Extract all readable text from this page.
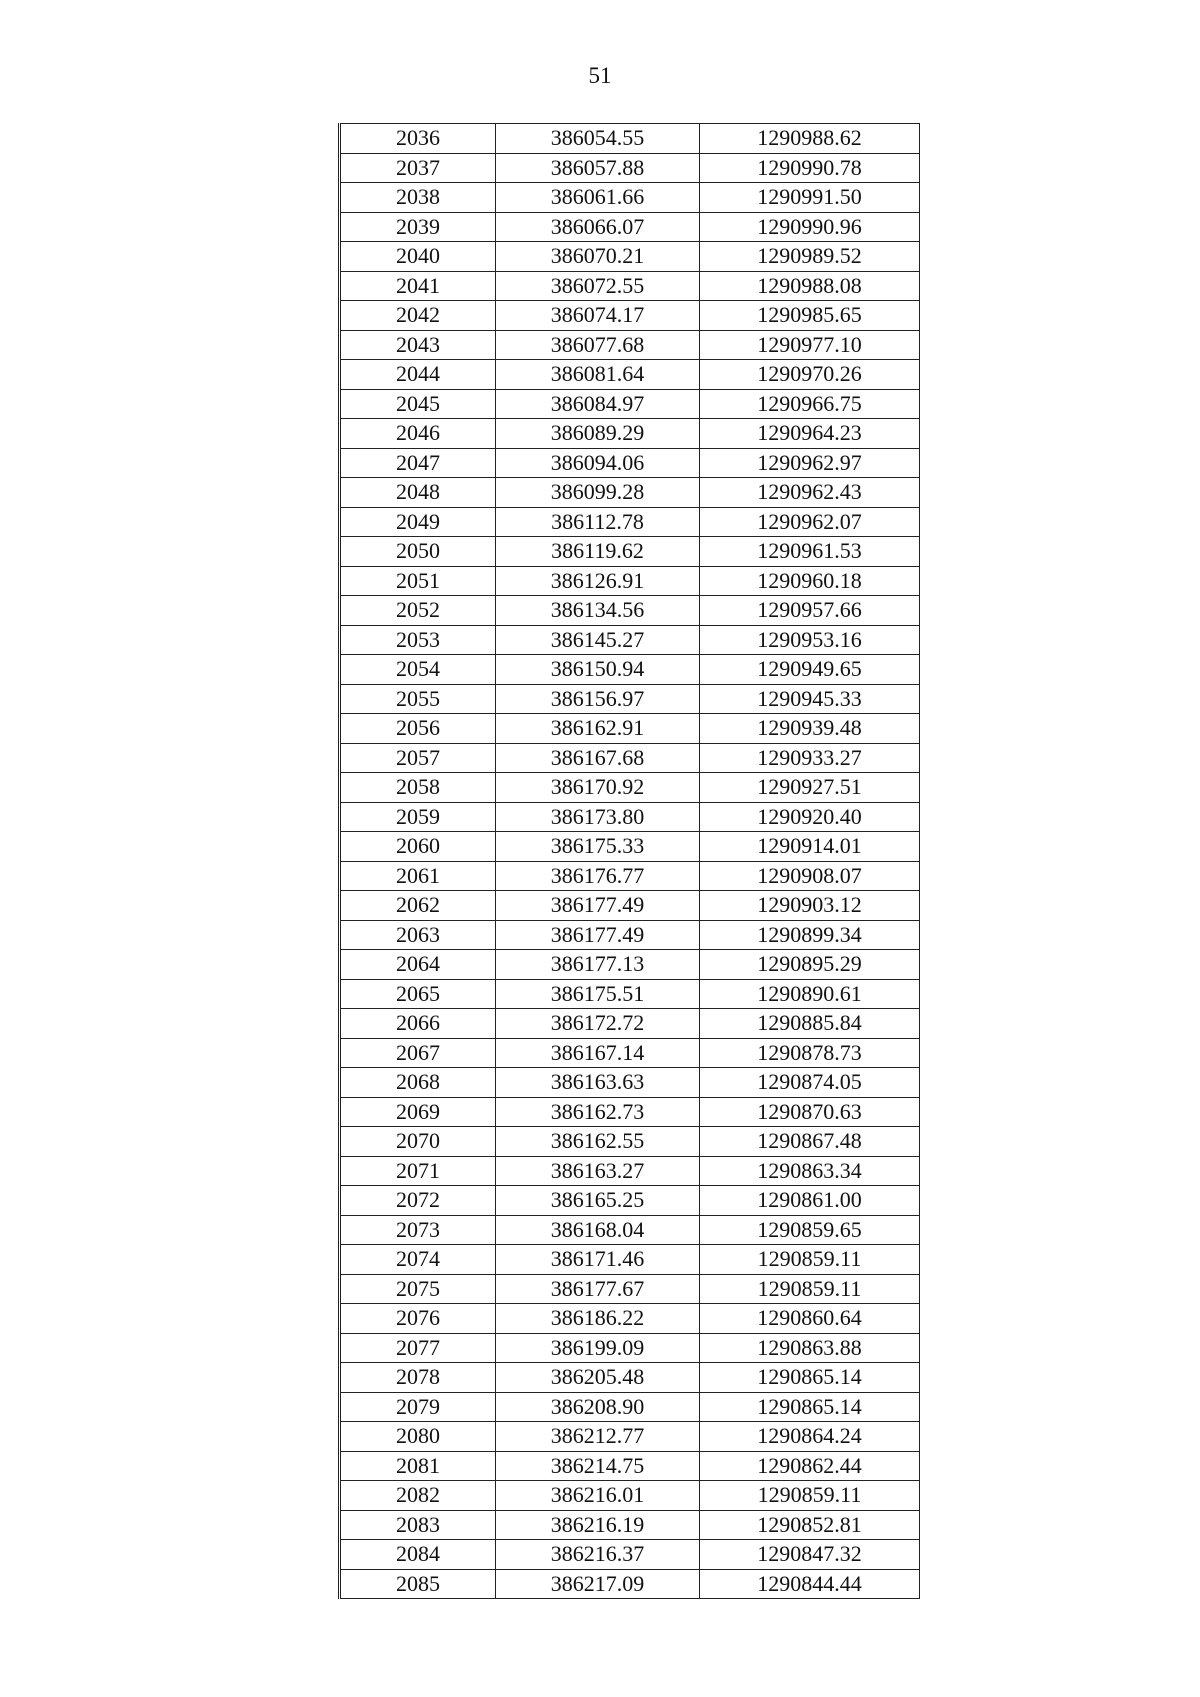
51
2036	386054.55	1290988.62
2037	386057.88	1290990.78
2038	386061.66	1290991.50
2039	386066.07	1290990.96
2040	386070.21	1290989.52
2041	386072.55	1290988.08
2042	386074.17	1290985.65
2043	386077.68	1290977.10
2044	386081.64	1290970.26
2045	386084.97	1290966.75
2046	386089.29	1290964.23
2047	386094.06	1290962.97
2048	386099.28	1290962.43
2049	386112.78	1290962.07
2050	386119.62	1290961.53
2051	386126.91	1290960.18
2052	386134.56	1290957.66
2053	386145.27	1290953.16
2054	386150.94	1290949.65
2055	386156.97	1290945.33
2056	386162.91	1290939.48
2057	386167.68	1290933.27
2058	386170.92	1290927.51
2059	386173.80	1290920.40
2060	386175.33	1290914.01
2061	386176.77	1290908.07
2062	386177.49	1290903.12
2063	386177.49	1290899.34
2064	386177.13	1290895.29
2065	386175.51	1290890.61
2066	386172.72	1290885.84
2067	386167.14	1290878.73
2068	386163.63	1290874.05
2069	386162.73	1290870.63
2070	386162.55	1290867.48
2071	386163.27	1290863.34
2072	386165.25	1290861.00
2073	386168.04	1290859.65
2074	386171.46	1290859.11
2075	386177.67	1290859.11
2076	386186.22	1290860.64
2077	386199.09	1290863.88
2078	386205.48	1290865.14
2079	386208.90	1290865.14
2080	386212.77	1290864.24
2081	386214.75	1290862.44
2082	386216.01	1290859.11
2083	386216.19	1290852.81
2084	386216.37	1290847.32
2085	386217.09	1290844.44
